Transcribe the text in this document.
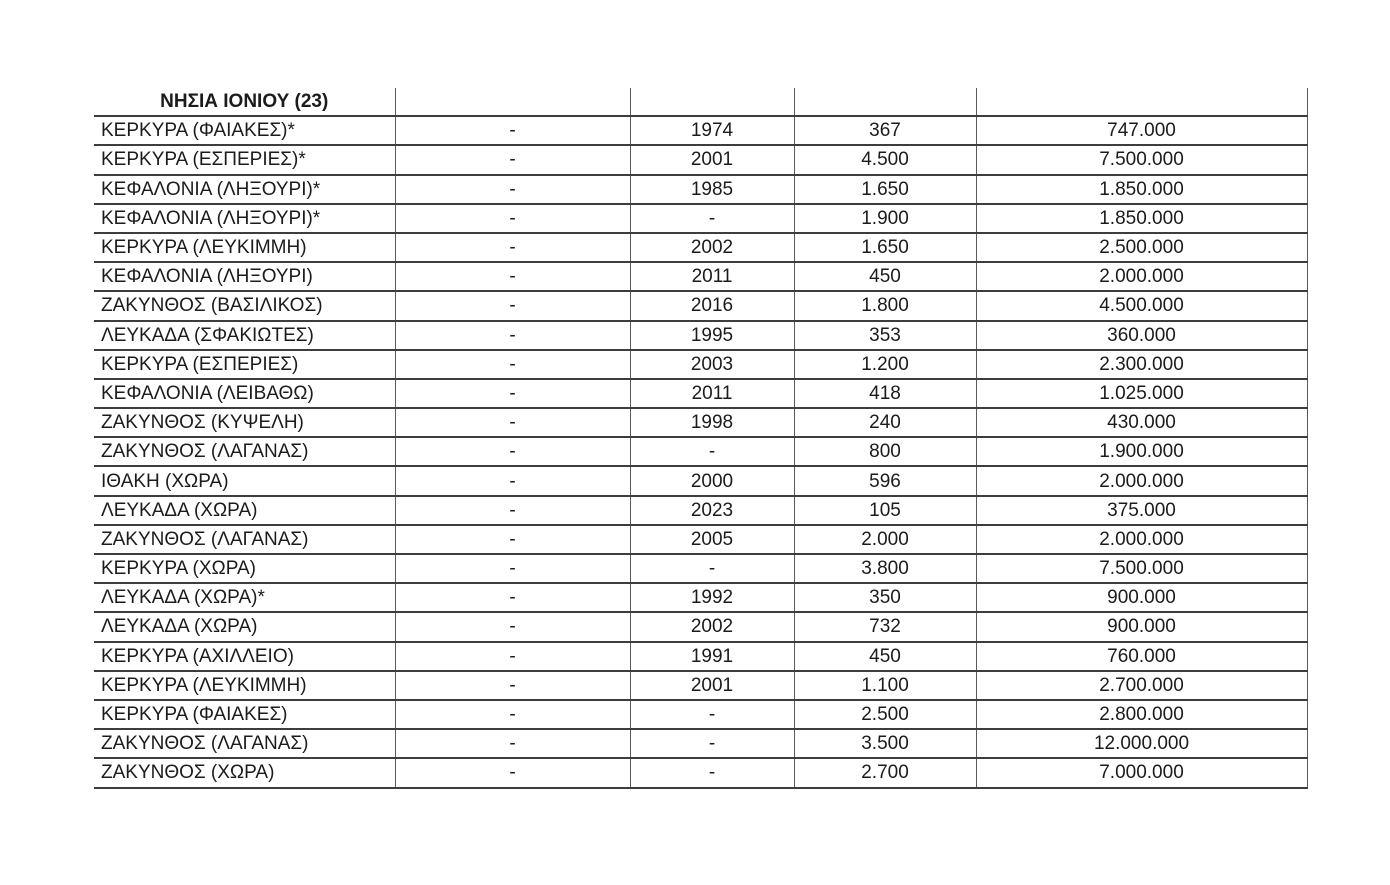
ΝΗΣΙΑ ΙΟΝΙΟΥ (23)				
ΚΕΡΚΥΡΑ (ΦΑΙΑΚΕΣ)*	-	1974	367	747.000
ΚΕΡΚΥΡΑ (ΕΣΠΕΡΙΕΣ)*	-	2001	4.500	7.500.000
ΚΕΦΑΛΟΝΙΑ (ΛΗΞΟΥΡΙ)*	-	1985	1.650	1.850.000
ΚΕΦΑΛΟΝΙΑ (ΛΗΞΟΥΡΙ)*	-	-	1.900	1.850.000
ΚΕΡΚΥΡΑ (ΛΕΥΚΙΜΜΗ)	-	2002	1.650	2.500.000
ΚΕΦΑΛΟΝΙΑ (ΛΗΞΟΥΡΙ)	-	2011	450	2.000.000
ΖΑΚΥΝΘΟΣ (ΒΑΣΙΛΙΚΟΣ)	-	2016	1.800	4.500.000
ΛΕΥΚΑΔΑ (ΣΦΑΚΙΩΤΕΣ)	-	1995	353	360.000
ΚΕΡΚΥΡΑ (ΕΣΠΕΡΙΕΣ)	-	2003	1.200	2.300.000
ΚΕΦΑΛΟΝΙΑ (ΛΕΙΒΑΘΩ)	-	2011	418	1.025.000
ΖΑΚΥΝΘΟΣ (ΚΥΨΕΛΗ)	-	1998	240	430.000
ΖΑΚΥΝΘΟΣ (ΛΑΓΑΝΑΣ)	-	-	800	1.900.000
ΙΘΑΚΗ (ΧΩΡΑ)	-	2000	596	2.000.000
ΛΕΥΚΑΔΑ (ΧΩΡΑ)	-	2023	105	375.000
ΖΑΚΥΝΘΟΣ (ΛΑΓΑΝΑΣ)	-	2005	2.000	2.000.000
ΚΕΡΚΥΡΑ (ΧΩΡΑ)	-	-	3.800	7.500.000
ΛΕΥΚΑΔΑ (ΧΩΡΑ)*	-	1992	350	900.000
ΛΕΥΚΑΔΑ (ΧΩΡΑ)	-	2002	732	900.000
ΚΕΡΚΥΡΑ (ΑΧΙΛΛΕΙΟ)	-	1991	450	760.000
ΚΕΡΚΥΡΑ (ΛΕΥΚΙΜΜΗ)	-	2001	1.100	2.700.000
ΚΕΡΚΥΡΑ (ΦΑΙΑΚΕΣ)	-	-	2.500	2.800.000
ΖΑΚΥΝΘΟΣ (ΛΑΓΑΝΑΣ)	-	-	3.500	12.000.000
ΖΑΚΥΝΘΟΣ (ΧΩΡΑ)	-	-	2.700	7.000.000
